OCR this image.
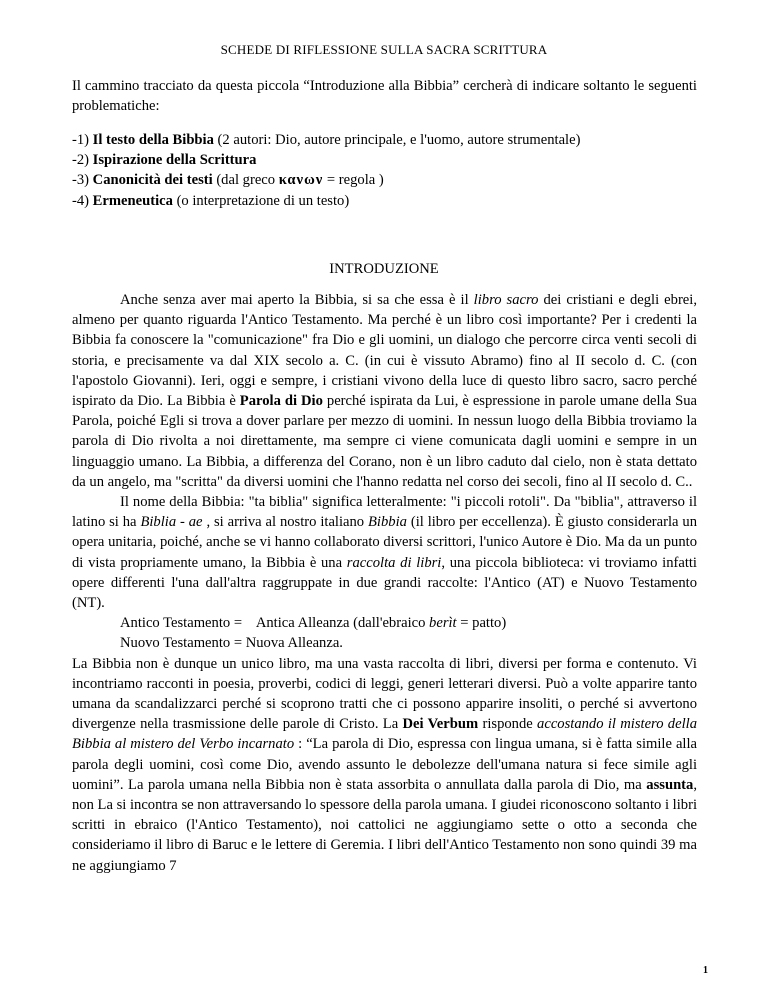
SCHEDE DI RIFLESSIONE SULLA SACRA SCRITTURA
Il cammino tracciato da questa piccola “Introduzione alla Bibbia” cercherà di indicare soltanto le seguenti problematiche:
-1) Il testo della Bibbia (2 autori: Dio, autore principale, e l'uomo, autore strumentale)
-2) Ispirazione della Scrittura
-3) Canonicità dei testi (dal greco κανων = regola )
-4) Ermeneutica (o interpretazione di un testo)
INTRODUZIONE

Anche senza aver mai aperto la Bibbia, si sa che essa è il libro sacro dei cristiani e degli ebrei, almeno per quanto riguarda l'Antico Testamento. Ma perché è un libro così importante? Per i credenti la Bibbia fa conoscere la "comunicazione" fra Dio e gli uomini, un dialogo che percorre circa venti secoli di storia, e precisamente va dal XIX secolo a. C. (in cui è vissuto Abramo) fino al II secolo d. C. (con l'apostolo Giovanni). Ieri, oggi e sempre, i cristiani vivono della luce di questo libro sacro, sacro perché ispirato da Dio. La Bibbia è Parola di Dio perché ispirata da Lui, è espressione in parole umane della Sua Parola, poiché Egli si trova a dover parlare per mezzo di uomini. In nessun luogo della Bibbia troviamo la parola di Dio rivolta a noi direttamente, ma sempre ci viene comunicata dagli uomini e sempre in un linguaggio umano. La Bibbia, a differenza del Corano, non è un libro caduto dal cielo, non è stata dettato da un angelo, ma "scritta" da diversi uomini che l'hanno redatta nel corso dei secoli, fino al II secolo d. C..

Il nome della Bibbia: "ta biblia" significa letteralmente: "i piccoli rotoli". Da "biblia", attraverso il latino si ha Biblia - ae , si arriva al nostro italiano Bibbia (il libro per eccellenza). È giusto considerarla un opera unitaria, poiché, anche se vi hanno collaborato diversi scrittori, l'unico Autore è Dio. Ma da un punto di vista propriamente umano, la Bibbia è una raccolta di libri, una piccola biblioteca: vi troviamo infatti opere differenti l'una dall'altra raggruppate in due grandi raccolte: l'Antico (AT) e Nuovo Testamento (NT).

Antico Testamento =    Antica Alleanza (dall'ebraico berìt = patto)

Nuovo Testamento = Nuova Alleanza.

La Bibbia non è dunque un unico libro, ma una vasta raccolta di libri, diversi per forma e contenuto. Vi incontriamo racconti in poesia, proverbi, codici di leggi, generi letterari diversi. Può a volte apparire tanto umana da scandalizzarci perché si scoprono tratti che ci possono apparire insoliti, o perché si avvertono divergenze nella trasmissione delle parole di Cristo. La Dei Verbum risponde accostando il mistero della Bibbia al mistero del Verbo incarnato : “La parola di Dio, espressa con lingua umana, si è fatta simile alla parola degli uomini, così come Dio, avendo assunto le debolezze dell'umana natura si fece simile agli uomini”. La parola umana nella Bibbia non è stata assorbita o annullata dalla parola di Dio, ma assunta, non La si incontra se non attraversando lo spessore della parola umana. I giudei riconoscono soltanto i libri scritti in ebraico (l'Antico Testamento), noi cattolici ne aggiungiamo sette o otto a seconda che consideriamo il libro di Baruc e le lettere di Geremia. I libri dell'Antico Testamento non sono quindi 39 ma ne aggiungiamo 7

1
